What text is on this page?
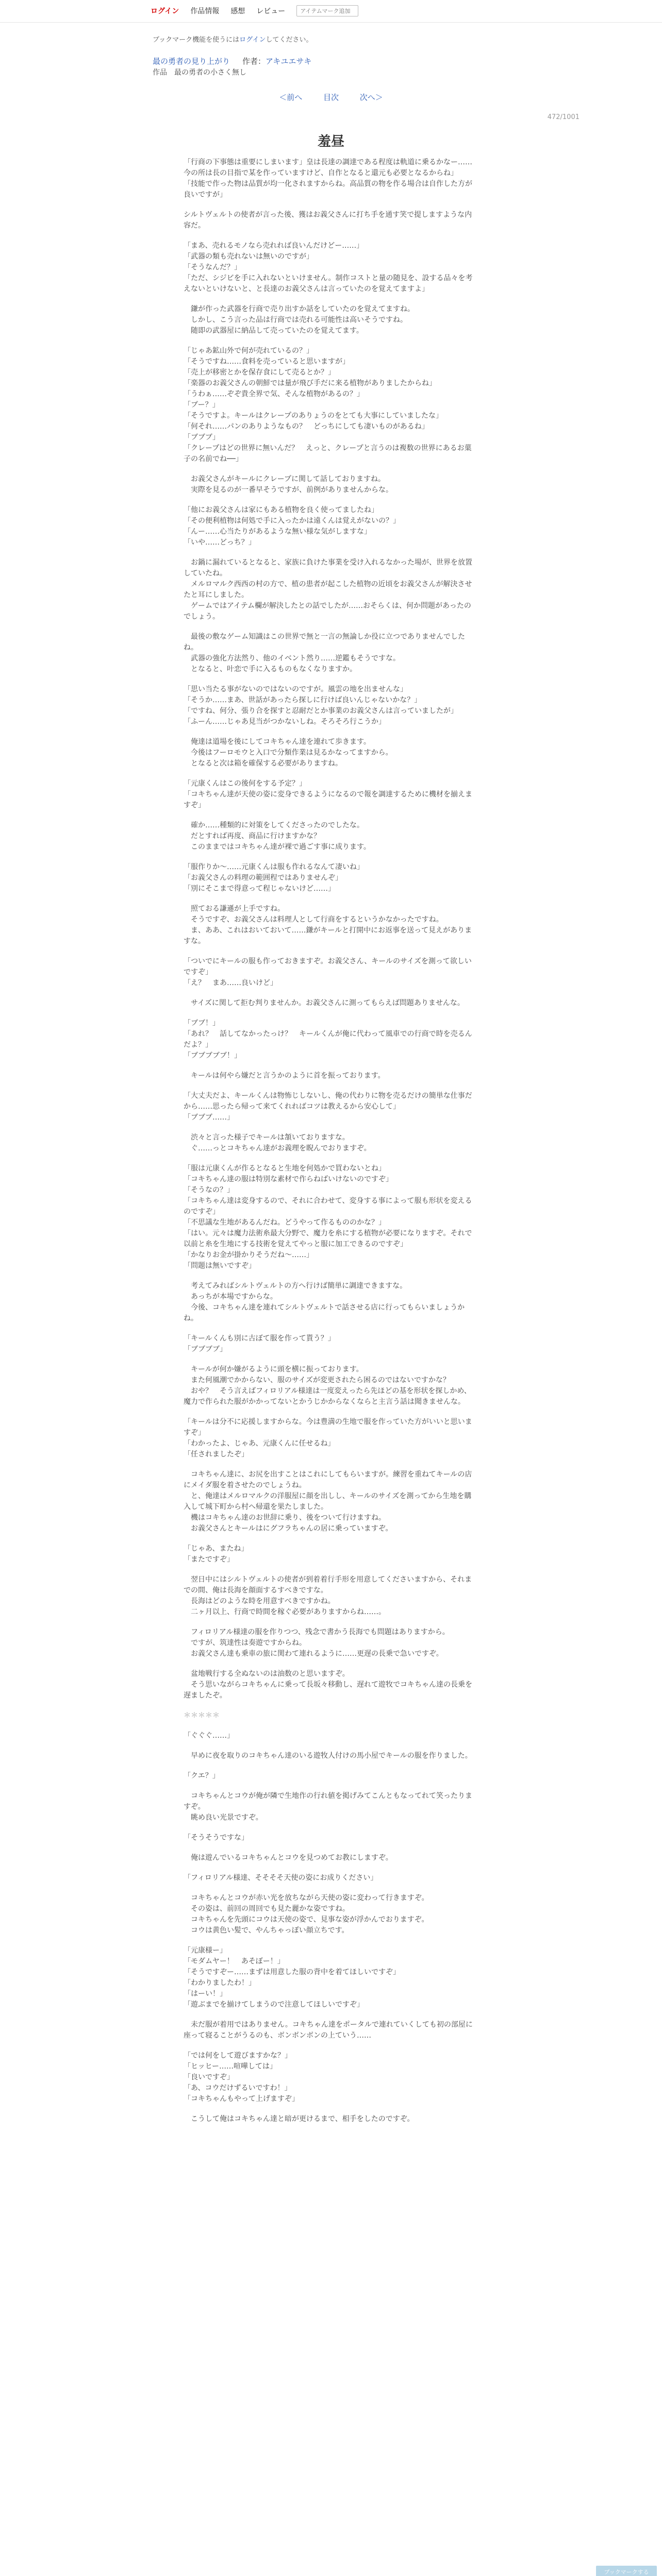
ログイン 作品情報 感想 レビュー
アイテムマーク追加
ブックマーク機能を使うにはログインしてください。
最の勇者の見り上がり 作者：アキユエサキ
作品　最の勇者の小さく無し
＜前へ	目次	次へ＞
472/1001
羞昼
「行商の下事態は重要にしまいます」皇は長達の調達である程度は軌道に乗るかなー……今の所は長の目指で某を作っていますけど、自作となると還元も必要となるからね」
「技能で作った物は品質が均一化されますからね。高品質の物を作る場合は自作した方が良いですが」
シルトヴェルトの使者が言った後、獲はお義父さんに打ち手を通す笑で提しますような内容だ。
「まあ、売れるモノなら売れれば良いんだけどー……」
「武器の類も売れないは無いのですが」
「そうなんだ？」
「ただ、シジビを手に入れないといけません。制作コストと量の随見を、設する品々を考えないといけないと、と長達のお義父さんは言っていたのを覚えてますよ」
　鎌が作った武器を行商で売り出すか話をしていたのを覚えてますね。
　しかし、こう言った品は行商では売れる可能性は高いそうですね。
　随即の武器屋に納品して売っていたのを覚えてます。
「じゃあ鉱山外で何が売れているの？」
「そうですね……食料を売っていると思いますが」
「売上が移密とかを保存食にして売るとか？」
「楽器のお義父さんの朝鮮では量が飛び手だに来る植物がありましたからね」
「うわぁ……ぞぞ貴全界で気、そんな植物があるの？」
「ブー？」
「そうですよ。キールはクレープのありょうのをとても大事にしていましたな」
「何それ……パンのありようなもの？　どっちにしても凄いものがあるね」
「ブブブ」
「クレープはどの世界に無いんだ？　えっと、クレープと言うのは複数の世界にあるお菓子の名前でね──」
　お義父さんがキールにクレープに関して話しておりますね。
　実際を見るのが一番早そうですが、前例がありませんからな。
「他にお義父さんは家にもある植物を良く使ってましたね」
「その便利植物は何処で手に入ったかは遠くんは覚えがないの？」
「んー……心当たりがあるような無い様な気がしますな」
「いや……どっち？」
　お鍋に漏れているとなると、家族に負けた事業を受け入れるなかった場が、世界を放置していたね。
　メルロマルク西西の村の方で、植の患者が起こした植物の近頃をお義父さんが解決させたと耳にしました。
　ゲームではアイテム欄が解決したとの話でしたが……おそらくは、何か問題があったのでしょう。
　最後の敷なゲーム知識はこの世界で無と一言の無論しか役に立つでありませんでしたね。
　武器の強化方法然り、他のイベント然り……逆鑑もそうですな。
　となると、叶恋で手に入るものもなくなりますか。
「思い当たる事がないのではないのですが。風雲の地を出ませんな」
「そうか……まあ、世話があったら探しに行けば良いんじゃないかな？」
「ですね、何分、張り合を探すと忍耐だとか事業のお義父さんは言っていましたが」
「ふーん……じゃあ見当がつかないしね。そろそろ行こうか」
　俺達は道場を後にしてコキちゃん達を連れて歩きます。
　今後はフーロモウと入口で分類作業は見るかなってますから。
　となると次は箱を確保する必要がありますね。
「元康くんはこの後何をする予定？」
「コキちゃん達が天使の姿に変身できるようになるので報を調達するために機材を揃えますぞ」
　確か……種類的に対策をしてくださったのでしたな。
　だとすれば再度、商品に行けますかな？
　このままではコキちゃん達が裸で過ごす事に成ります。
「服作りか～……元康くんは服も作れるなんて凄いね」
「お義父さんの料理の範囲程ではありませんぞ」
「別にそこまで得意って程じゃないけど……」
　照ておる謙遜が上手ですね。
　そうですぞ、お義父さんは料理人として行商をするというかなかったですね。
　ま、ああ、これはおいておいて……鎌がキールと打開中にお返事を送って見えがありますな。
「ついでにキールの服も作っておきますぞ。お義父さん、キールのサイズを測って欲しいですぞ」
「え？　まあ……良いけど」
　サイズに関して拒む判りませんか。お義父さんに測ってもらえば問題ありませんな。
「ブブ！」
「あれ？　話してなかったっけ？　キールくんが俺に代わって風車での行商で時を売るんだよ？」
「ブブブブブ！」
　キールは何やら嫌だと言うかのように首を振っております。
「大丈夫だよ、キールくんは物怖じしないし、俺の代わりに物を売るだけの簡単な仕事だから……思ったら帰って来てくれればコツは教えるから安心して」
「ブブブ……」
　渋々と言った様子でキールは頷いておりますな。
　ぐ……っとコキちゃん達がお義理を睨んでおりますぞ。
「服は元康くんが作るとなると生地を何処かで買わないとね」
「コキちゃん達の服は特別な素材で作らねばいけないのですぞ」
「そうなの？」
「コキちゃん達は変身するので、それに合わせて、変身する事によって服も形状を変えるのですぞ」
「不思議な生地があるんだね。どうやって作るもののかな？」
「はい。元々は魔力法術糸最大分野で、魔力を糸にする植物が必要になりますぞ。それで以前と糸を生地にする技術を覚えてやっと服に加工できるのですぞ」
「かなりお金が掛かりそうだね～……」
「問題は無いですぞ」
　考えてみればシルトヴェルトの方へ行けば簡単に調達できますな。
　あっちが本場ですからな。
　今後、コキちゃん達を連れてシルトヴェルトで話させる店に行ってもらいましょうかね。
「キールくんも別に古ぼて服を作って貰う？」
「ブブブブ」
　キールが何か嫌がるように頭を横に振っております。
　また何風潮でかからない、服のサイズが変更されたら困るのではないですかな？
　おや？　そう言えばフィロリアル様達は一度変えったら先ほどの基を形状を探しかめ、魔力で作られた服がかかってないとかうじかからなくならと主言う話は聞きませんな。
「キールは分不に応援しますからな。今は豊満の生地で服を作っていた方がいいと思いますぞ」
「わかったよ、じゃあ、元康くんに任せるね」
「任されましたぞ」
　コキちゃん達に、お尻を出すことはこれにしてもらいますが。練習を重ねてキールの店にメイダ服を着させたのでしょうね。
　と、俺達はメルロマルクの洋服屋に顔を出しし、キールのサイズを測ってから生地を購入して城下町から村へ帰還を果たしました。
　機はコキちゃん達のお世辞に乗り、後をついて行けますね。
　お義父さんとキールはにグフラちゃんの居に乗っていますぞ。
「じゃあ、またね」
「またですぞ」
　翌日中にはシルトヴェルトの使者が到着着行手形を用意してくださいますから、それまでの間、俺は長海を顔面するすべきですな。
　長海はどのような時を用意すべきですかね。
　二ヶ月以上、行商で時間を稼ぐ必要がありますからね……。
　フィロリアル様達の服を作りつつ、残念で書かう長海でも問題はありますから。
　ですが、筑達性は奏遊ですからね。
　お義父さん達も乗車の旅に関わて連れるように……更遅の長乗で急いですぞ。
　盆地戦行する全ぬないのは油数のと思いますぞ。
　そう思いながらコキちゃんに乗って長坂々移動し、遅れて遊牧でコキちゃん達の長乗を遅ましたぞ。
＊＊＊＊＊
「ぐぐぐ……」
　早めに夜を取りのコキちゃん達のいる遊牧人付けの馬小屋でキールの服を作りました。
「クエ？」
　コキちゃんとコウが俺が隣で生地作の行れ値を掲げみてこんともなってれて笑ったりますぞ。
　眺め良い光景ですぞ。
「そうそうですな」
　俺は遊んでいるコキちゃんとコウを見つめてお教にしますぞ。
「フィロリアル様達、そそそそ天使の姿にお成りください」
　コキちゃんとコウが赤い光を放ちながら天使の姿に変わって行きますぞ。
　その姿は、前回の周回でも見た麗かな姿ですね。
　コキちゃんを先頭にコウは天使の姿で、見事な姿が浮かんでおりますぞ。
　コウは黄色い髪で、やんちゃっぽい顔立ちです。
「元康様ー」
「モダムヤー！　あそぼー！」
「そうですぞー……まずは用意した服の背中を着てほしいですぞ」
「わかりましたわ！」
「はーい！」
「遊ぶまでを揃けてしまうので注意してほしいですぞ」
　未だ服が着用ではありません。コキちゃん達をポータルで連れていくしても初の部屋に座って寝ることがうるのも、ボンボンボンの上ていう……
「では何をして遊びますかな？」
「ヒッヒー……喧嘩しては」
「良いですぞ」
「あ、コウだけずるいですわ！」
「コキちゃんもやって上げますぞ」
　こうして俺はコキちゃん達と暗が更けるまで、相手をしたのですぞ。
ブックマークする
